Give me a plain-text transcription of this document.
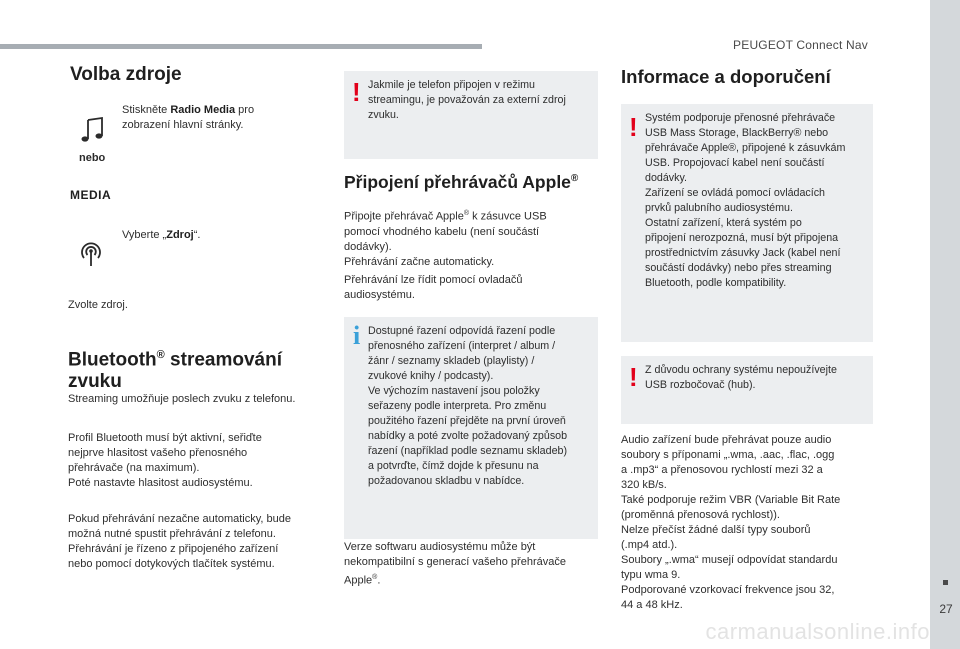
PEUGEOT Connect Nav
27
Volba zdroje

Stiskněte Radio Media pro zobrazení hlavní stránky.

nebo
MEDIA

Vyberte „Zdroj“.

Zvolte zdroj.

Bluetooth® streamování
zvuku

Streaming umožňuje poslech zvuku z telefonu.

Profil Bluetooth musí být aktivní, seřiďte

nejprve hlasitost vašeho přenosného

přehrávače (na maximum).

Poté nastavte hlasitost audiosystému.

Pokud přehrávání nezačne automaticky, bude

možná nutné spustit přehrávání z telefonu.

Přehrávání je řízeno z připojeného zařízení

nebo pomocí dotykových tlačítek systému.

! Jakmile je telefon připojen v režimu

streamingu, je považován za externí zdroj

zvuku.

Připojení přehrávačů Apple®

Připojte přehrávač Apple® k zásuvce USB

pomocí vhodného kabelu (není součástí

dodávky).

Přehrávání začne automaticky.

Přehrávání lze řídit pomocí ovladačů

audiosystému.

i Dostupné řazení odpovídá řazení podle

přenosného zařízení (interpret / album /

žánr / seznamy skladeb (playlisty) /

zvukové knihy / podcasty).

Ve výchozím nastavení jsou položky

seřazeny podle interpreta. Pro změnu

použitého řazení přejděte na první úroveň

nabídky a poté zvolte požadovaný způsob

řazení (například podle seznamu skladeb)

a potvrďte, čímž dojde k přesunu na

požadovanou skladbu v nabídce.

Verze softwaru audiosystému může být

nekompatibilní s generací vašeho přehrávače

Apple®.

Informace a doporučení
! Systém podporuje přenosné přehrávače

USB Mass Storage, BlackBerry® nebo

přehrávače Apple®, připojené k zásuvkám

USB. Propojovací kabel není součástí

dodávky.

Zařízení se ovládá pomocí ovládacích

prvků palubního audiosystému.

Ostatní zařízení, která systém po

připojení nerozpozná, musí být připojena

prostřednictvím zásuvky Jack (kabel není

součástí dodávky) nebo přes streaming

Bluetooth, podle kompatibility.

! Z důvodu ochrany systému nepoužívejte

USB rozbočovač (hub).

Audio zařízení bude přehrávat pouze audio

soubory s příponami „.wma, .aac, .flac, .ogg

a .mp3“ a přenosovou rychlostí mezi 32 a

320 kB/s.

Také podporuje režim VBR (Variable Bit Rate

(proměnná přenosová rychlost)).

Nelze přečíst žádné další typy souborů

(.mp4 atd.).

Soubory „.wma“ musejí odpovídat standardu

typu wma 9.

Podporované vzorkovací frekvence jsou 32,

44 a 48 kHz.

carmanualsonline.info
